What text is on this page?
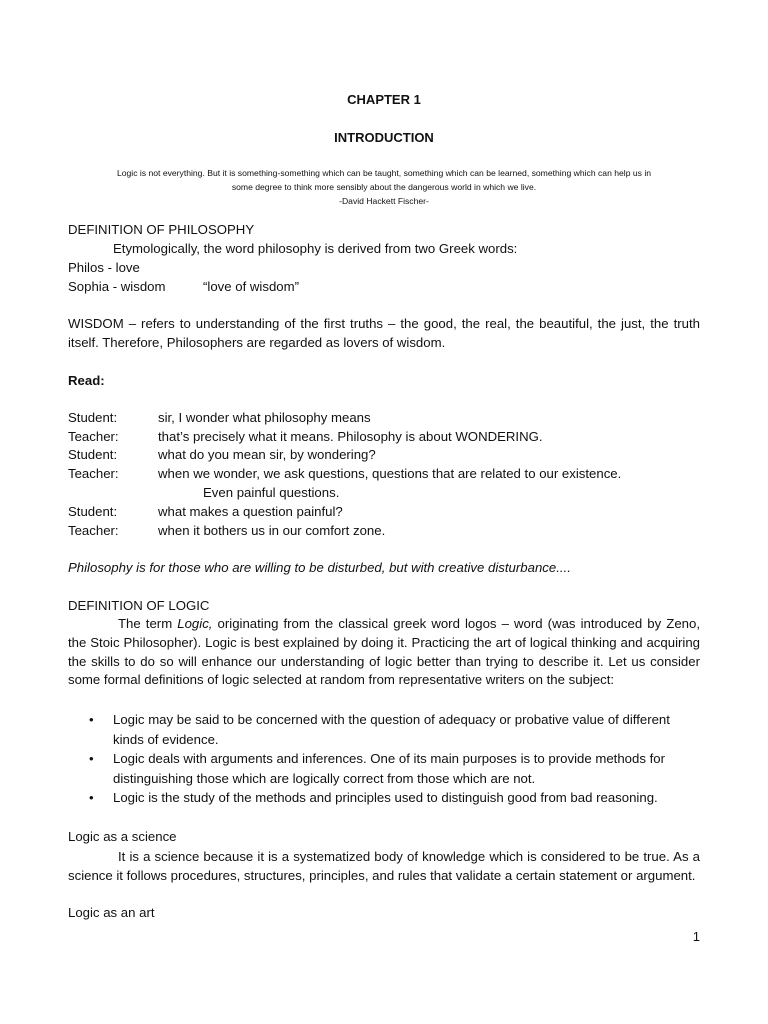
CHAPTER 1
INTRODUCTION
Logic is not everything. But it is something-something which can be taught, something which can be learned, something which can help us in
some degree to think more sensibly about the dangerous world in which we live.
-David Hackett Fischer-
DEFINITION OF PHILOSOPHY
Etymologically, the word philosophy is derived from two Greek words:
Philos - love
Sophia - wisdom	“love of wisdom”
WISDOM – refers to understanding of the first truths – the good, the real, the beautiful, the just, the truth itself. Therefore, Philosophers are regarded as lovers of wisdom.
Read:
Student:	sir, I wonder what philosophy means
Teacher:	that’s precisely what it means. Philosophy is about WONDERING.
Student:	what do you mean sir, by wondering?
Teacher:	when we wonder, we ask questions, questions that are related to our existence.
Even painful questions.
Student:	what makes a question painful?
Teacher:	when it bothers us in our comfort zone.
Philosophy is for those who are willing to be disturbed, but with creative disturbance....
DEFINITION OF LOGIC
The term Logic, originating from the classical greek word logos – word (was introduced by Zeno, the Stoic Philosopher). Logic is best explained by doing it. Practicing the art of logical thinking and acquiring the skills to do so will enhance our understanding of logic better than trying to describe it. Let us consider some formal definitions of logic selected at random from representative writers on the subject:
• Logic may be said to be concerned with the question of adequacy or probative value of different kinds of evidence.
• Logic deals with arguments and inferences. One of its main purposes is to provide methods for distinguishing those which are logically correct from those which are not.
• Logic is the study of the methods and principles used to distinguish good from bad reasoning.
Logic as a science
It is a science because it is a systematized body of knowledge which is considered to be true. As a science it follows procedures, structures, principles, and rules that validate a certain statement or argument.
Logic as an art
1
